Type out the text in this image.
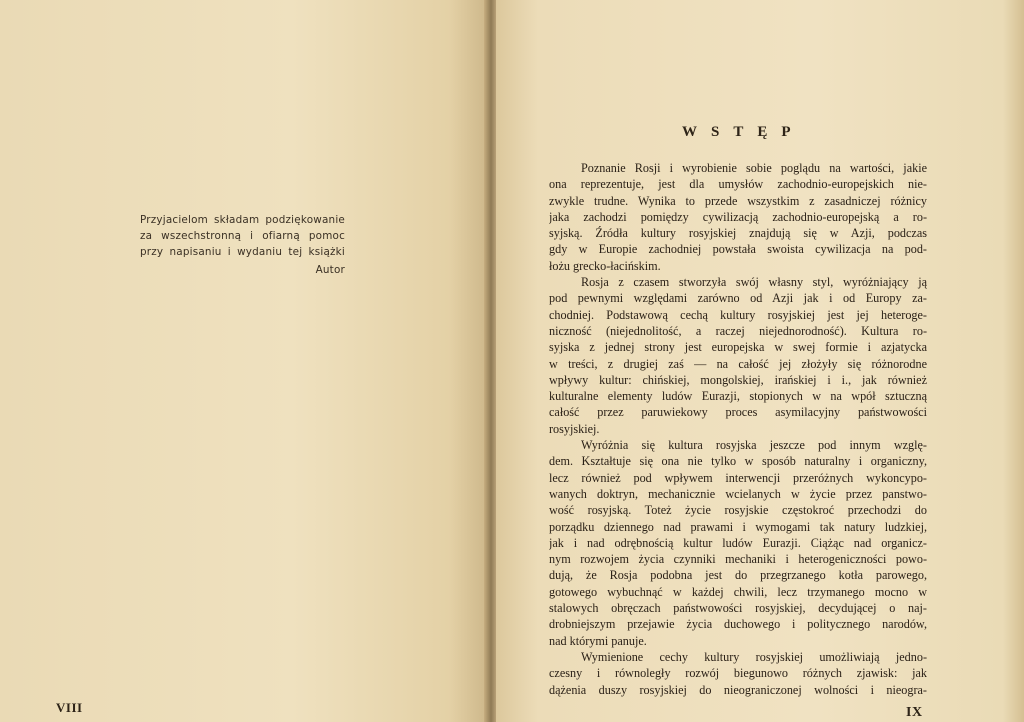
Przyjacielom składam podziękowanie
za wszechstronną i ofiarną pomoc
przy napisaniu i wydaniu tej książki
Autor
VIII
WSTĘP
Poznanie Rosji i wyrobienie sobie poglądu na wartości, jakie
ona reprezentuje, jest dla umysłów zachodnio-europejskich nie-
zwykle trudne. Wynika to przede wszystkim z zasadniczej różnicy
jaka zachodzi pomiędzy cywilizacją zachodnio-europejską a ro-
syjską. Źródła kultury rosyjskiej znajdują się w Azji, podczas
gdy w Europie zachodniej powstała swoista cywilizacja na pod-
łożu grecko-łacińskim.
Rosja z czasem stworzyła swój własny styl, wyróżniający ją
pod pewnymi względami zarówno od Azji jak i od Europy za-
chodniej. Podstawową cechą kultury rosyjskiej jest jej heteroge-
niczność (niejednolitość, a raczej niejednorodność). Kultura ro-
syjska z jednej strony jest europejska w swej formie i azjatycka
w treści, z drugiej zaś — na całość jej złożyły się różnorodne
wpływy kultur: chińskiej, mongolskiej, irańskiej i i., jak również
kulturalne elementy ludów Eurazji, stopionych w na wpół sztuczną
całość przez paruwiekowy proces asymilacyjny państwowości
rosyjskiej.
Wyróżnia się kultura rosyjska jeszcze pod innym wzglę-
dem. Kształtuje się ona nie tylko w sposób naturalny i organiczny,
lecz również pod wpływem interwencji przeróżnych wykoncypo-
wanych doktryn, mechanicznie wcielanych w życie przez panstwo-
wość rosyjską. Toteż życie rosyjskie częstokroć przechodzi do
porządku dziennego nad prawami i wymogami tak natury ludzkiej,
jak i nad odrębnością kultur ludów Eurazji. Ciążąc nad organicz-
nym rozwojem życia czynniki mechaniki i heterogeniczności powo-
dują, że Rosja podobna jest do przegrzanego kotła parowego,
gotowego wybuchnąć w każdej chwili, lecz trzymanego mocno w
stalowych obręczach państwowości rosyjskiej, decydującej o naj-
drobniejszym przejawie życia duchowego i politycznego narodów,
nad którymi panuje.
Wymienione cechy kultury rosyjskiej umożliwiają jedno-
czesny i równoległy rozwój biegunowo różnych zjawisk: jak
dążenia duszy rosyjskiej do nieograniczonej wolności i nieogra-
IX
